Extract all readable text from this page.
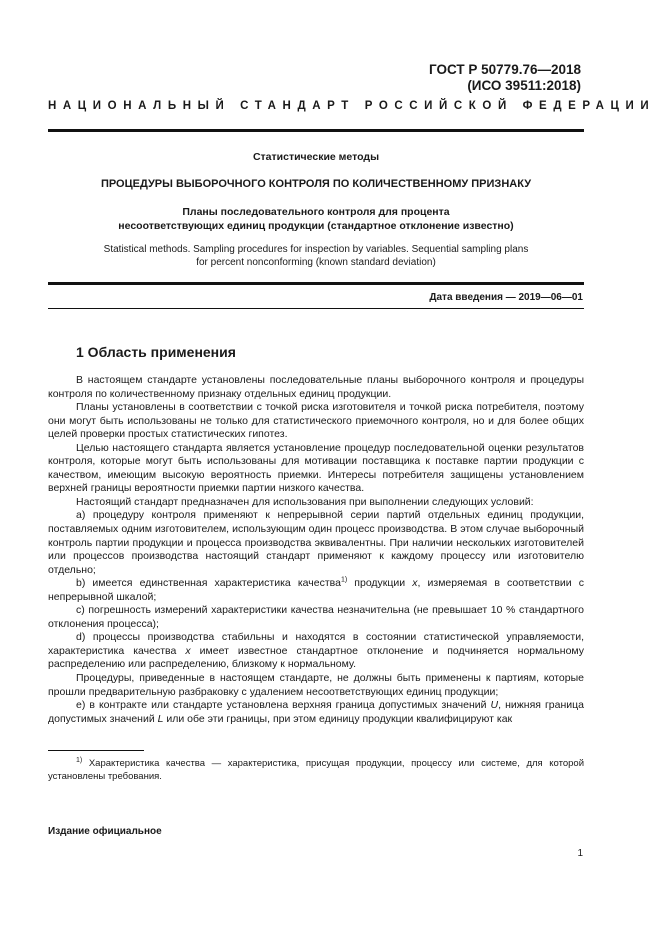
ГОСТ Р 50779.76—2018
(ИСО 39511:2018)
НАЦИОНАЛЬНЫЙ СТАНДАРТ РОССИЙСКОЙ ФЕДЕРАЦИИ
Статистические методы
ПРОЦЕДУРЫ ВЫБОРОЧНОГО КОНТРОЛЯ ПО КОЛИЧЕСТВЕННОМУ ПРИЗНАКУ
Планы последовательного контроля для процента
несоответствующих единиц продукции (стандартное отклонение известно)
Statistical methods. Sampling procedures for inspection by variables. Sequential sampling plans
for percent nonconforming (known standard deviation)
Дата введения — 2019—06—01
1 Область применения

В настоящем стандарте установлены последовательные планы выборочного контроля и процедуры контроля по количественному признаку отдельных единиц продукции.

Планы установлены в соответствии с точкой риска изготовителя и точкой риска потребителя, поэтому они могут быть использованы не только для статистического приемочного контроля, но и для более общих целей проверки простых статистических гипотез.

Целью настоящего стандарта является установление процедур последовательной оценки результатов контроля, которые могут быть использованы для мотивации поставщика к поставке партии продукции с качеством, имеющим высокую вероятность приемки. Интересы потребителя защищены установлением верхней границы вероятности приемки партии низкого качества.

Настоящий стандарт предназначен для использования при выполнении следующих условий:

а) процедуру контроля применяют к непрерывной серии партий отдельных единиц продукции, поставляемых одним изготовителем, использующим один процесс производства. В этом случае выборочный контроль партии продукции и процесса производства эквивалентны. При наличии нескольких изготовителей или процессов производства настоящий стандарт применяют к каждому процессу или изготовителю отдельно;

b) имеется единственная характеристика качества$^{1)}$ продукции x, измеряемая в соответствии с непрерывной шкалой;

c) погрешность измерений характеристики качества незначительна (не превышает 10 % стандартного отклонения процесса);

d) процессы производства стабильны и находятся в состоянии статистической управляемости, характеристика качества x имеет известное стандартное отклонение и подчиняется нормальному распределению или распределению, близкому к нормальному.

Процедуры, приведенные в настоящем стандарте, не должны быть применены к партиям, которые прошли предварительную разбраковку с удалением несоответствующих единиц продукции;

е) в контракте или стандарте установлена верхняя граница допустимых значений U, нижняя граница допустимых значений L или обе эти границы, при этом единицу продукции квалифицируют как

$^{1)}$ Характеристика качества — характеристика, присущая продукции, процессу или системе, для которой установлены требования.

Издание официальное
1
